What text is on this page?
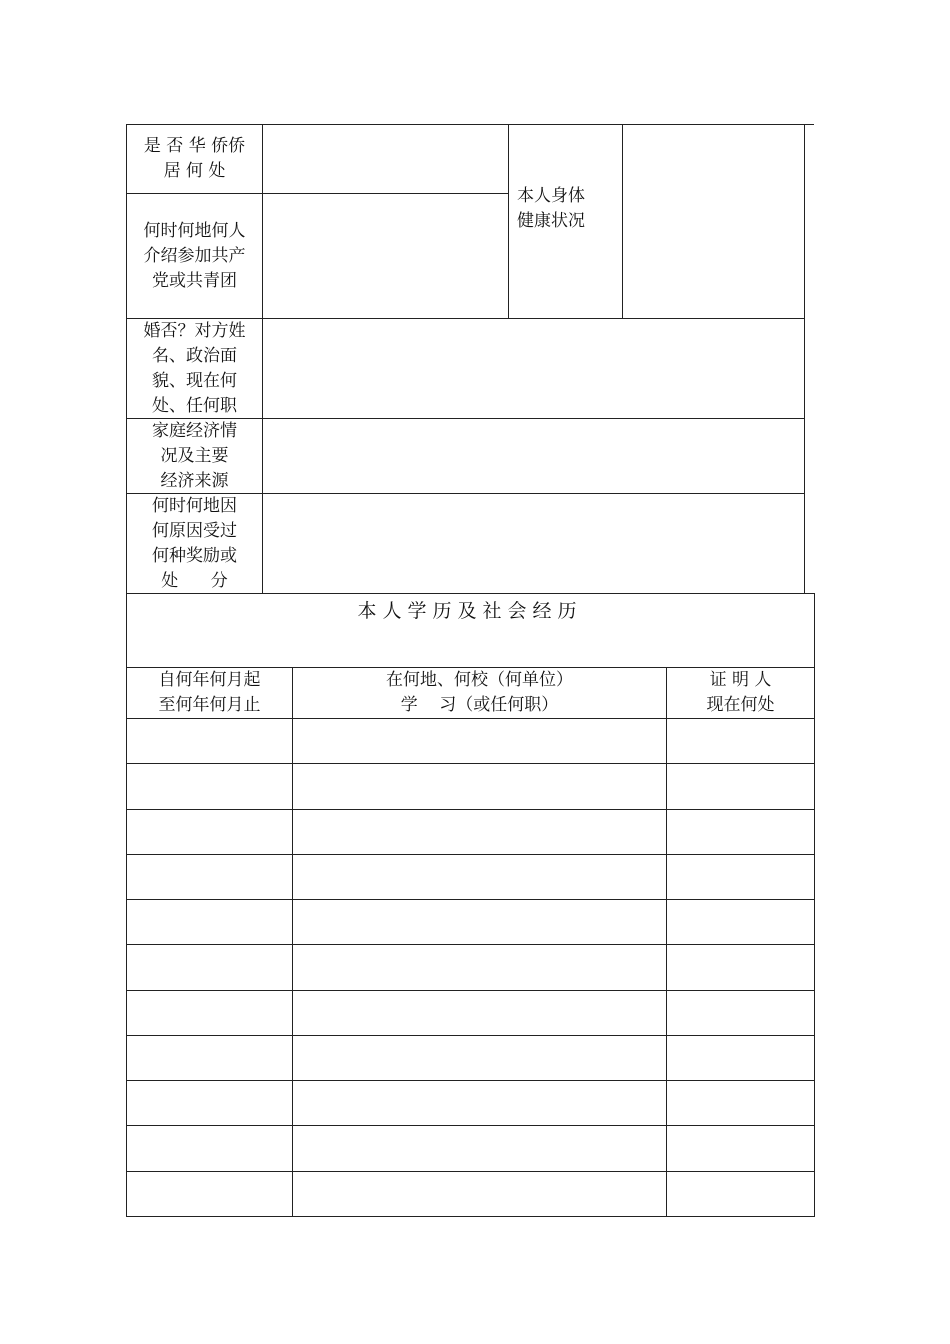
是 否 华 侨侨
居 何 处
何时何地何人
介绍参加共产
党或共青团
本人身体
健康状况
婚否？对方姓
名、政治面
貌、现在何
处、任何职
家庭经济情
况及主要
经济来源
何时何地因
何原因受过
何种奖励或
处      分
本人学历及社会经历
自何年何月起
至何年何月止
在何地、何校（何单位）
学    习（或任何职）
证 明 人
现在何处
